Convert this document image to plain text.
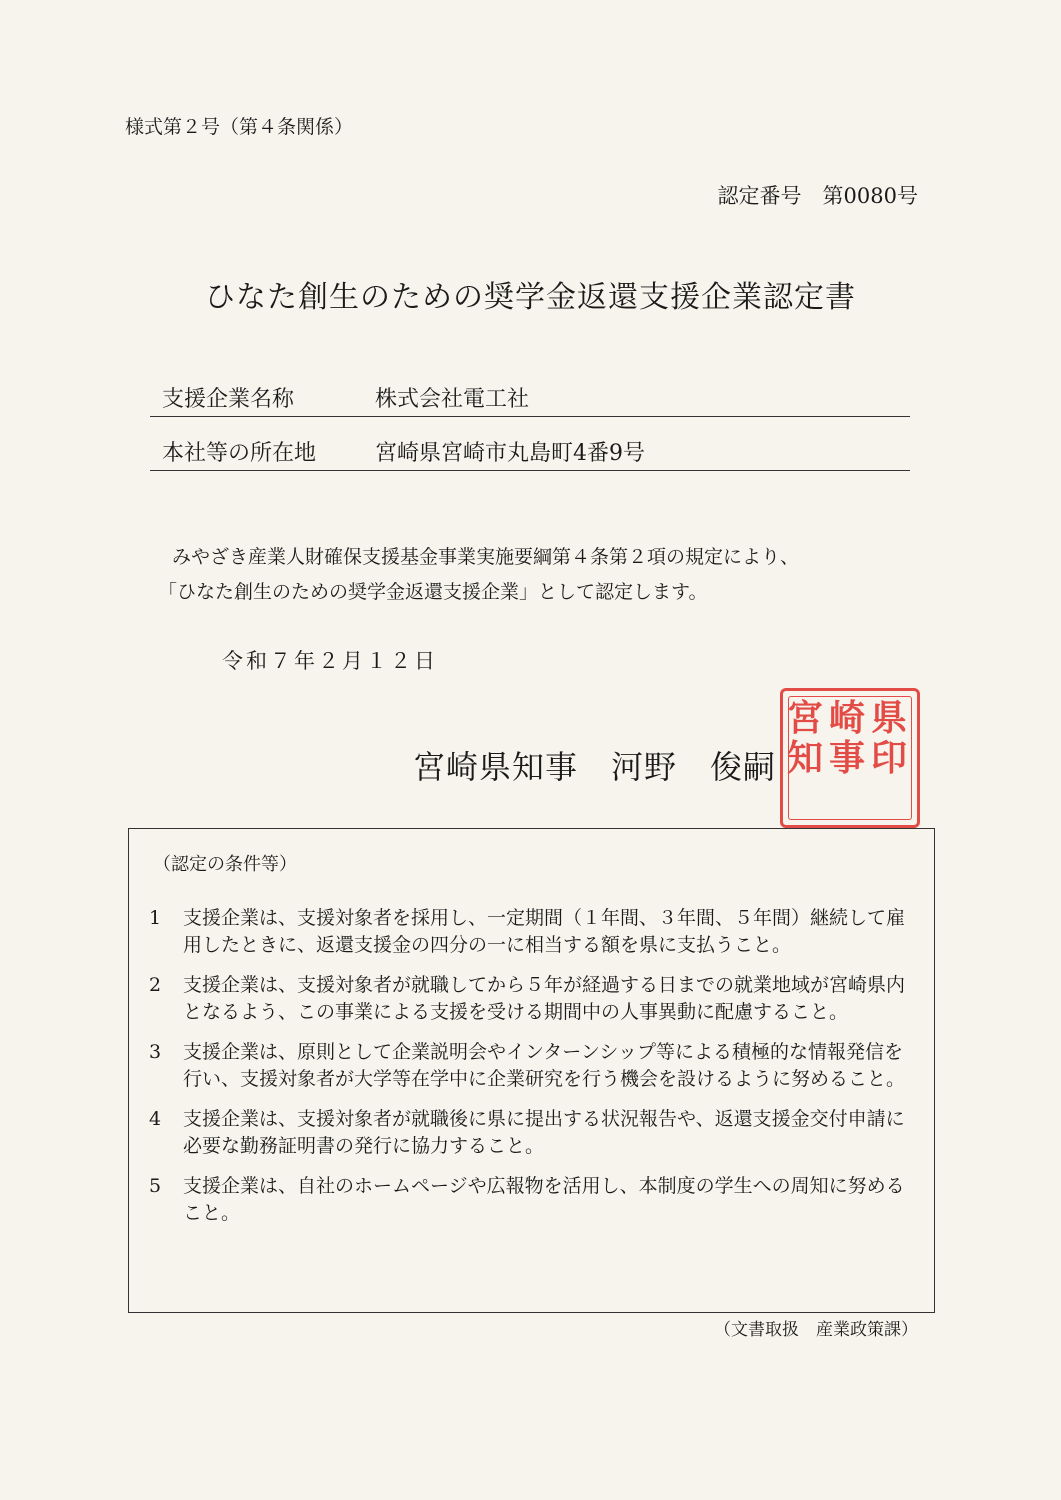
様式第２号（第４条関係）
認定番号　第0080号
ひなた創生のための奨学金返還支援企業認定書
支援企業名称	株式会社電工社
本社等の所在地	宮崎県宮崎市丸島町4番9号

みやざき産業人財確保支援基金事業実施要綱第４条第２項の規定により、

「ひなた創生のための奨学金返還支援企業」として認定します。

令和７年２月１２日
宮崎県知事　河野　俊嗣
県
印
崎
事
宮
知
（認定の条件等）
1 支援企業は、支援対象者を採用し、一定期間（１年間、３年間、５年間）継続して雇用したときに、返還支援金の四分の一に相当する額を県に支払うこと。
2 支援企業は、支援対象者が就職してから５年が経過する日までの就業地域が宮崎県内となるよう、この事業による支援を受ける期間中の人事異動に配慮すること。
3 支援企業は、原則として企業説明会やインターンシップ等による積極的な情報発信を行い、支援対象者が大学等在学中に企業研究を行う機会を設けるように努めること。
4 支援企業は、支援対象者が就職後に県に提出する状況報告や、返還支援金交付申請に必要な勤務証明書の発行に協力すること。
5 支援企業は、自社のホームページや広報物を活用し、本制度の学生への周知に努めること。
（文書取扱　産業政策課）
